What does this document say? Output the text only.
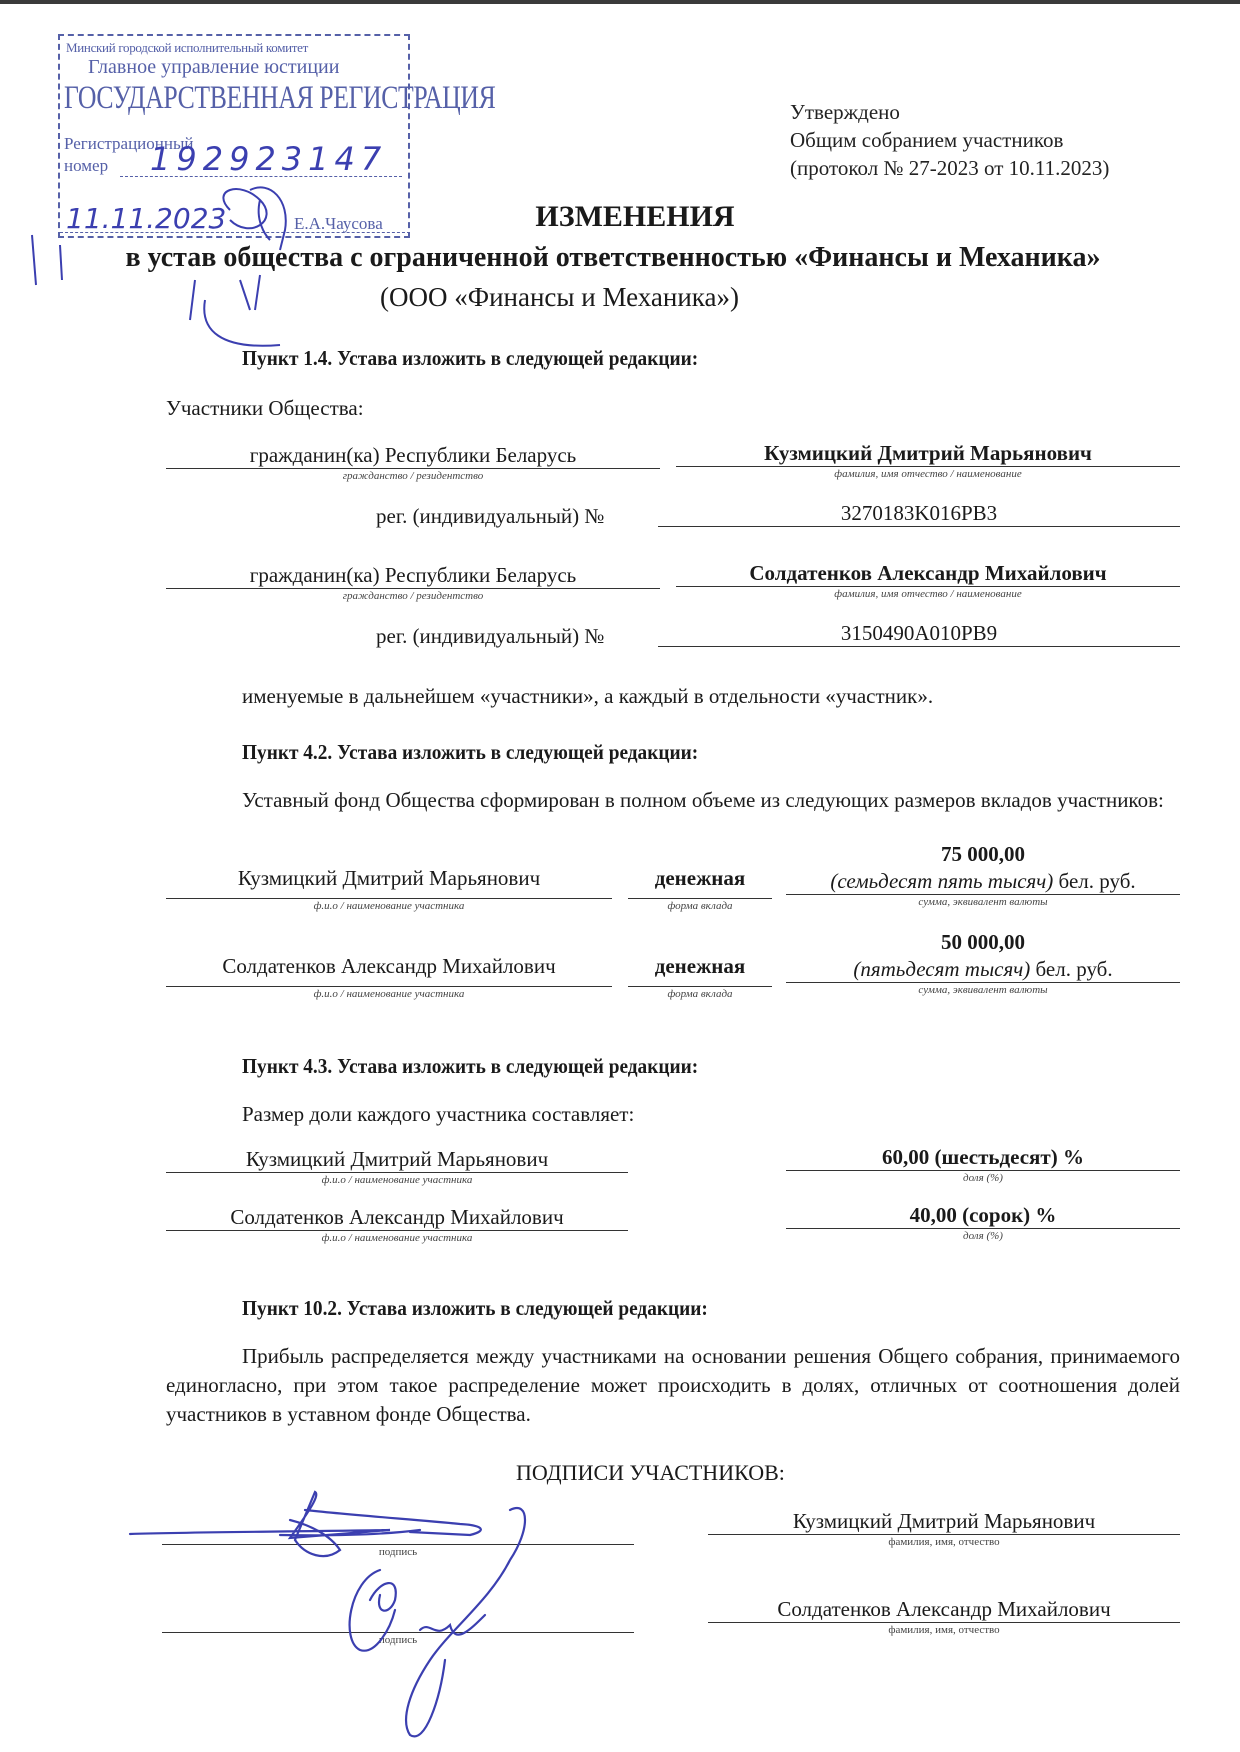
Минский городской исполнительный комитет
Главное управление юстиции
ГОСУДАРСТВЕННАЯ РЕГИСТРАЦИЯ
Регистрационный
номер 192923147
11.11.2023	Е.А.Чаусова
Утверждено
Общим собранием участников
(протокол № 27-2023 от 10.11.2023)
ИЗМЕНЕНИЯ
в устав общества с ограниченной ответственностью «Финансы и Механика»
(ООО «Финансы и Механика»)
Пункт 1.4. Устава изложить в следующей редакции:
Участники Общества:
гражданин(ка) Республики Беларусь
гражданство / резидентство
Кузмицкий Дмитрий Марьянович
фамилия, имя отчество / наименование
рег. (индивидуальный) №	3270183K016PB3
гражданин(ка) Республики Беларусь
гражданство / резидентство
Солдатенков Александр Михайлович
фамилия, имя отчество / наименование
рег. (индивидуальный) №	3150490A010PB9
именуемые в дальнейшем «участники», а каждый в отдельности «участник».
Пункт 4.2. Устава изложить в следующей редакции:
Уставный фонд Общества сформирован в полном объеме из следующих размеров вкладов участников:
Кузмицкий Дмитрий Марьянович
ф.и.о / наименование участника
денежная
форма вклада
75 000,00
(семьдесят пять тысяч) бел. руб.
сумма, эквивалент валюты
Солдатенков Александр Михайлович
ф.и.о / наименование участника
денежная
форма вклада
50 000,00
(пятьдесят тысяч) бел. руб.
сумма, эквивалент валюты
Пункт 4.3. Устава изложить в следующей редакции:
Размер доли каждого участника составляет:
Кузмицкий Дмитрий Марьянович
ф.и.о / наименование участника
60,00 (шестьдесят) %
доля (%)
Солдатенков Александр Михайлович
ф.и.о / наименование участника
40,00 (сорок) %
доля (%)
Пункт 10.2. Устава изложить в следующей редакции:
Прибыль распределяется между участниками на основании решения Общего собрания, принимаемого единогласно, при этом такое распределение может происходить в долях, отличных от соотношения долей участников в уставном фонде Общества.
ПОДПИСИ УЧАСТНИКОВ:
подпись
Кузмицкий Дмитрий Марьянович
фамилия, имя, отчество
подпись
Солдатенков Александр Михайлович
фамилия, имя, отчество
